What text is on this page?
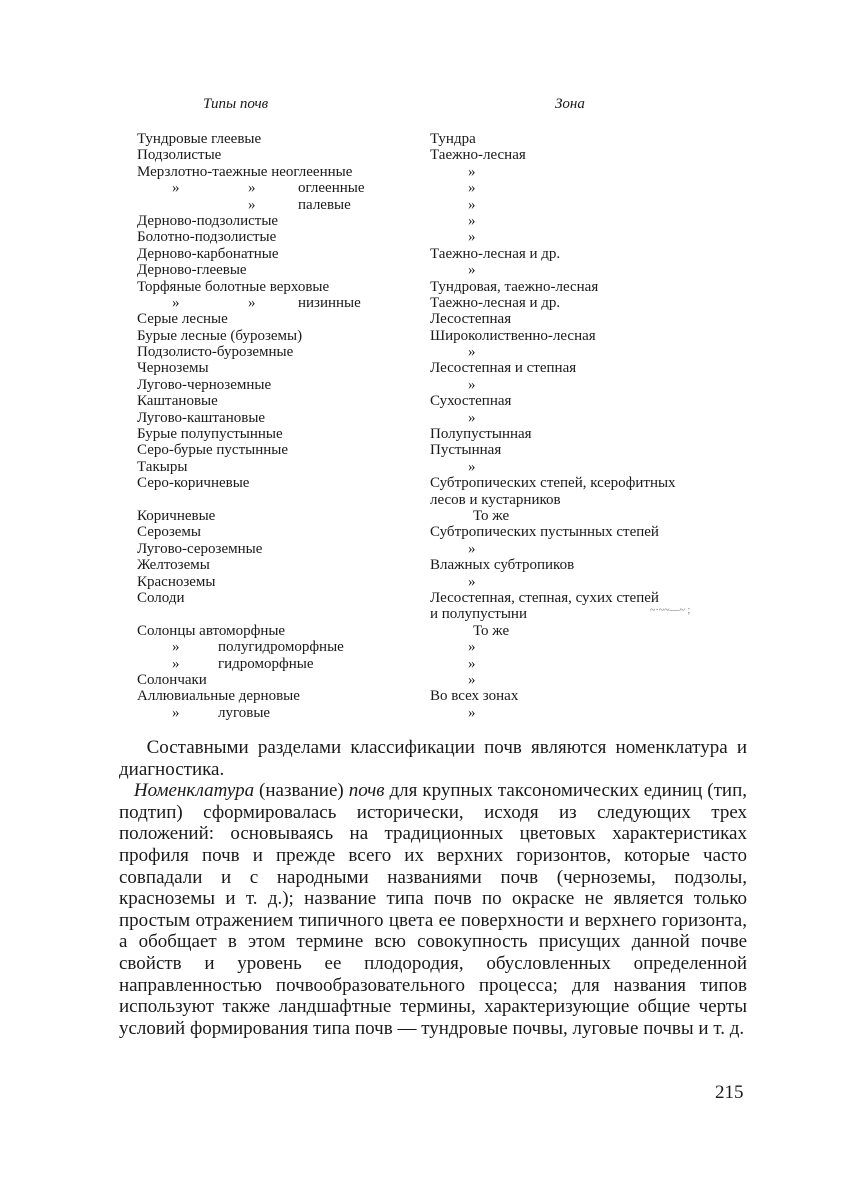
Типы почв	Зона
Тундровые глеевые	Тундра
Подзолистые	Таежно-лесная
Мерзлотно-таежные неоглеенные	»
»	»	оглеенные	»
»	палевые	»
Дерново-подзолистые	»
Болотно-подзолистые	»
Дерново-карбонатные	Таежно-лесная и др.
Дерново-глеевые	»
Торфяные болотные верховые	Тундровая, таежно-лесная
»	»	низинные	Таежно-лесная и др.
Серые лесные	Лесостепная
Бурые лесные (буроземы)	Широколиственно-лесная
Подзолисто-буроземные	»
Черноземы	Лесостепная и степная
Лугово-черноземные	»
Каштановые	Сухостепная
Лугово-каштановые	»
Бурые полупустынные	Полупустынная
Серо-бурые пустынные	Пустынная
Такыры	»
Серо-коричневые	Субтропических степей, ксерофитных
лесов и кустарников
Коричневые	То же
Сероземы	Субтропических пустынных степей
Лугово-сероземные	»
Желтоземы	Влажных субтропиков
Красноземы	»
Солоди	Лесостепная, степная, сухих степей
и полупустыни
Солонцы автоморфные	То же
»	полугидроморфные	»
»	гидроморфные	»
Солончаки	»
Аллювиальные дерновые	Во всех зонах
»	луговые	»

Составными разделами классификации почв являются номенклатура и диагностика.

Номенклатура (название) почв для крупных таксономических единиц (тип, подтип) сформировалась исторически, исходя из следующих трех положений: основываясь на традиционных цветовых характеристиках профиля почв и прежде всего их верхних горизонтов, которые часто совпадали и с народными названиями почв (черноземы, подзолы, красноземы и т. д.); название типа почв по окраске не является только простым отражением типичного цвета ее поверхности и верхнего горизонта, а обобщает в этом термине всю совокупность присущих данной почве свойств и уровень ее плодородия, обусловленных определенной направленностью почвообразовательного процесса; для названия типов используют также ландшафтные термины, характеризующие общие черты условий формирования типа почв — тундровые почвы, луговые почвы и т. д.

215
~·~~—~ ;
